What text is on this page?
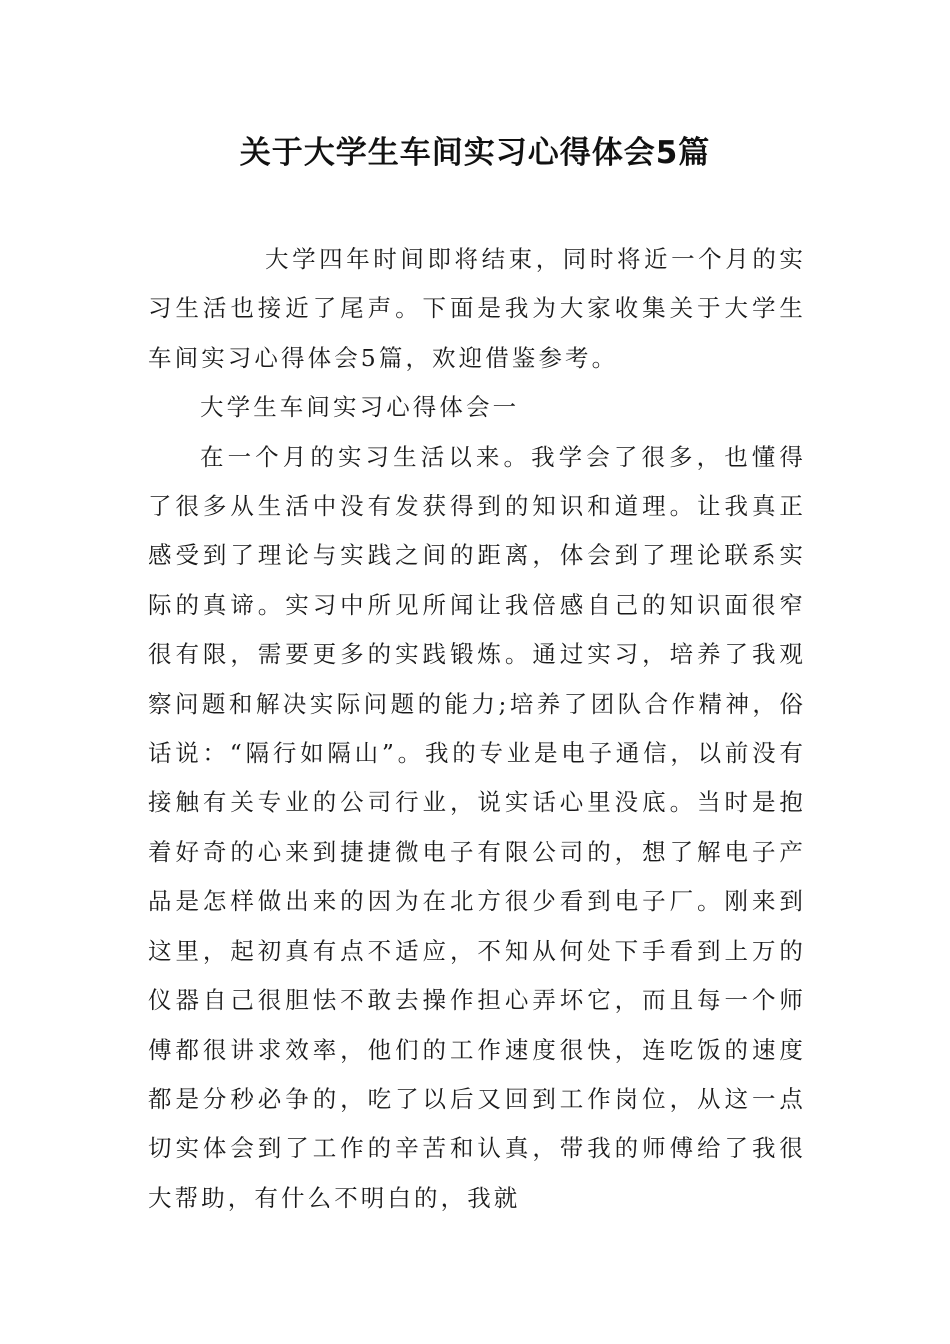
关于大学生车间实习心得体会5篇

大学四年时间即将结束，同时将近一个月的实习生活也接近了尾声。下面是我为大家收集关于大学生车间实习心得体会5篇，欢迎借鉴参考。

大学生车间实习心得体会一

在一个月的实习生活以来。我学会了很多，也懂得了很多从生活中没有发获得到的知识和道理。让我真正感受到了理论与实践之间的距离，体会到了理论联系实际的真谛。实习中所见所闻让我倍感自己的知识面很窄很有限，需要更多的实践锻炼。通过实习，培养了我观察问题和解决实际问题的能力;培养了团队合作精神，俗话说：“隔行如隔山”。我的专业是电子通信，以前没有接触有关专业的公司行业，说实话心里没底。当时是抱着好奇的心来到捷捷微电子有限公司的，想了解电子产品是怎样做出来的因为在北方很少看到电子厂。刚来到这里，起初真有点不适应，不知从何处下手看到上万的仪器自己很胆怯不敢去操作担心弄坏它，而且每一个师傅都很讲求效率，他们的工作速度很快，连吃饭的速度都是分秒必争的，吃了以后又回到工作岗位，从这一点切实体会到了工作的辛苦和认真，带我的师傅给了我很大帮助，有什么不明白的，我就
